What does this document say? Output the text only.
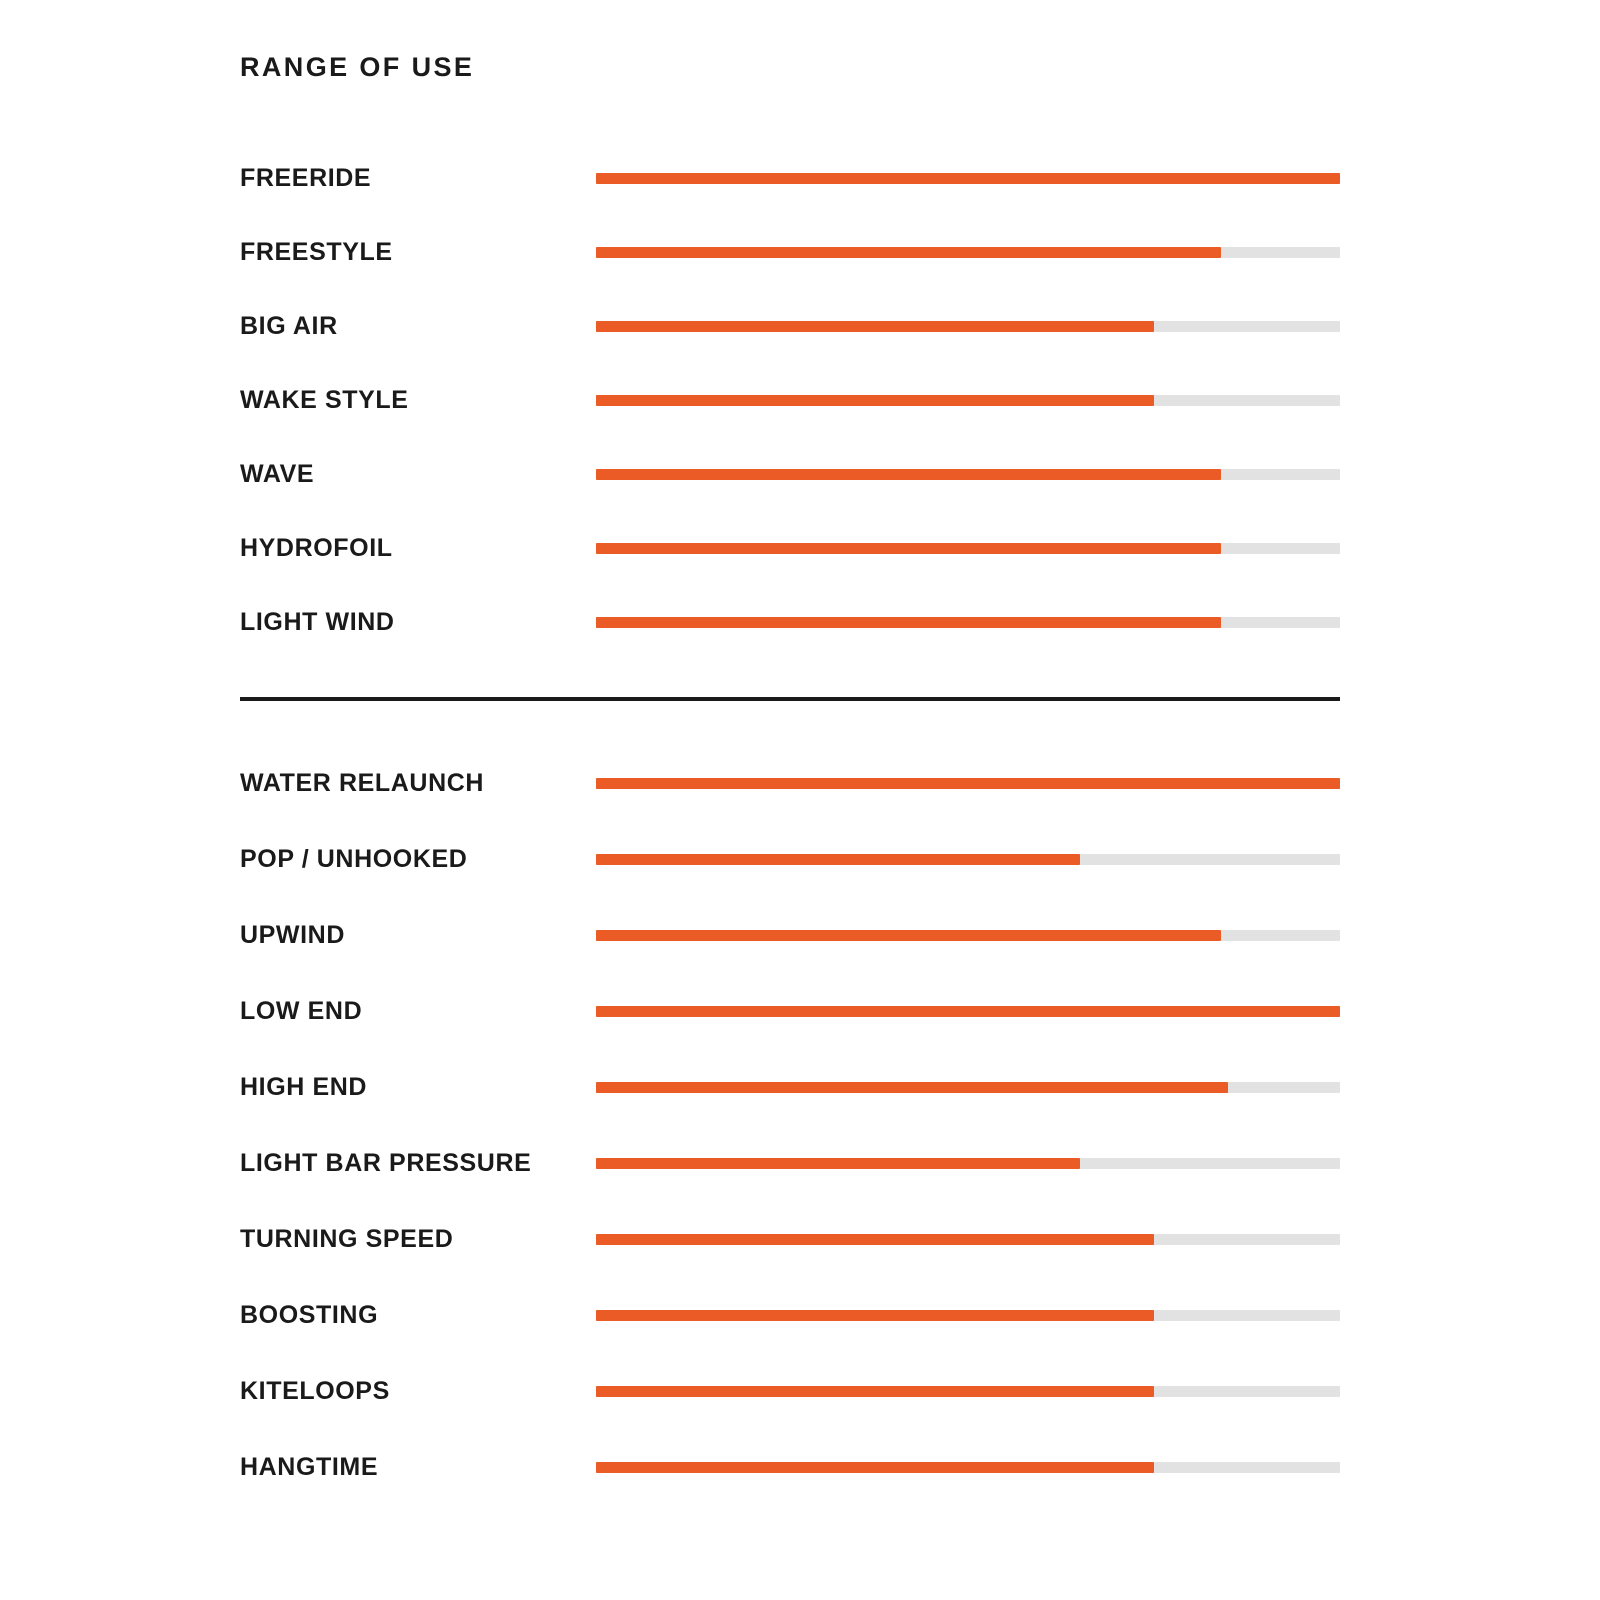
RANGE OF USE
FREERIDE
FREESTYLE
BIG AIR
WAKE STYLE
WAVE
HYDROFOIL
LIGHT WIND
WATER RELAUNCH
POP / UNHOOKED
UPWIND
LOW END
HIGH END
LIGHT BAR PRESSURE
TURNING SPEED
BOOSTING
KITELOOPS
HANGTIME
